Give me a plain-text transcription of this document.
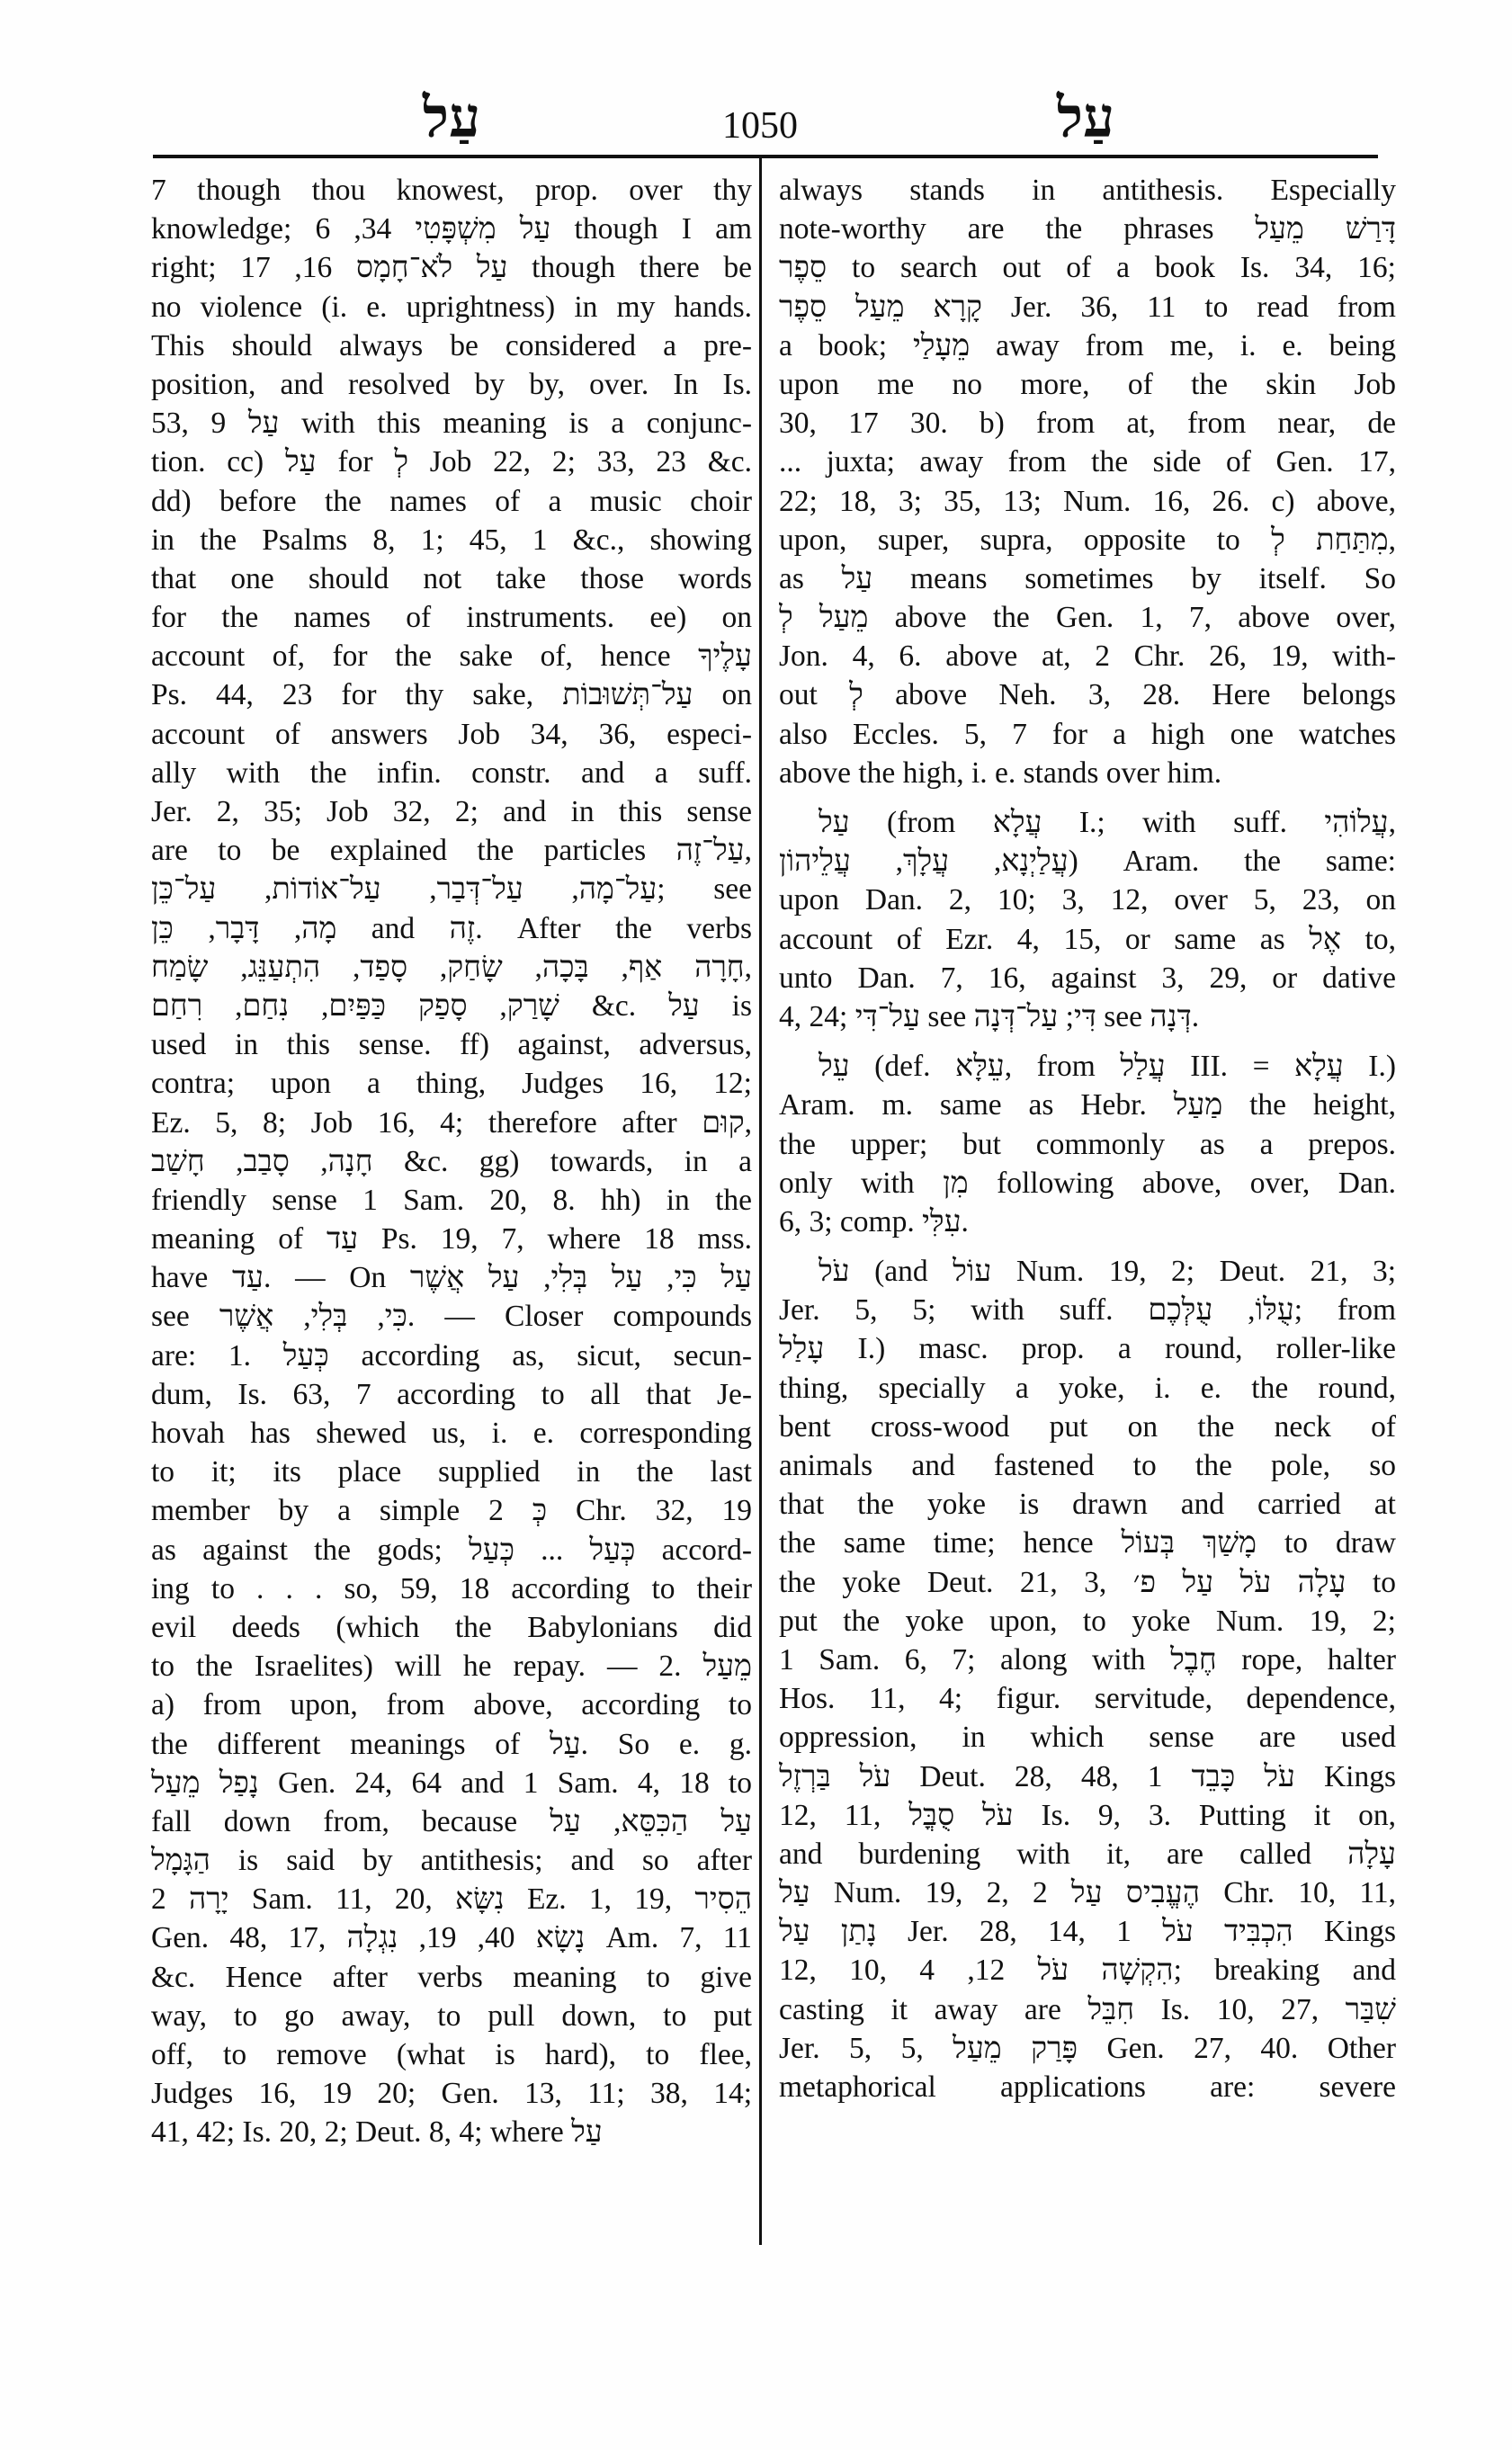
עַל	1050	עַל
7 though thou knowest, prop. over thy
knowledge; עַל מִשְׁפָּטִי 34, 6 though I am
right; עַל לֹא־חָמָס 16, 17 though there be
no violence (i. e. uprightness) in my hands.
This should always be considered a pre-
position, and resolved by by, over. In Is.
53, 9 עַל with this meaning is a conjunc-
tion. cc) עַל for לְ Job 22, 2; 33, 23 &c.
dd) before the names of a music choir
in the Psalms 8, 1; 45, 1 &c., showing
that one should not take those words
for the names of instruments. ee) on
account of, for the sake of, hence עָלֶיךָ
Ps. 44, 23 for thy sake, עַל־תְּשׁוּבוֹת on
account of answers Job 34, 36, especi-
ally with the infin. constr. and a suff.
Jer. 2, 35; Job 32, 2; and in this sense
are to be explained the particles עַל־זֶה,
עַל־מָה, עַל־דְּבַר, עַל־אוֹדוֹת, עַל־כֵּן; see
מָה, דָּבָר, כֵּן and זֶה. After the verbs
חָרָה אַף, בָּכָה, שָׂחַק, סָפַד, הִתְעַנֵּג, שָׂמַח,
שָׁרַק, סָפַק כַּפַּיִם, נִחַם, רִחַם &c. עַל is
used in this sense. ff) against, adversus,
contra; upon a thing, Judges 16, 12;
Ez. 5, 8; Job 16, 4; therefore after קוּם,
חָנָה, סָבַב, חָשַׁב &c. gg) towards, in a
friendly sense 1 Sam. 20, 8. hh) in the
meaning of עַד Ps. 19, 7, where 18 mss.
have עַד. — On עַל כִּי, עַל בְּלִי, עַל אֲשֶׁר
see כִּי, בְּלִי, אֲשֶׁר. — Closer compounds
are: 1. כְּעַל according as, sicut, secun-
dum, Is. 63, 7 according to all that Je-
hovah has shewed us, i. e. corresponding
to it; its place supplied in the last
member by a simple כְּ 2 Chr. 32, 19
as against the gods; כְּעַל ... כְּעַל accord-
ing to . . . so, 59, 18 according to their
evil deeds (which the Babylonians did
to the Israelites) will he repay. — 2. מֵעַל
a) from upon, from above, according to
the different meanings of עַל. So e. g.
נָפַל מֵעַל Gen. 24, 64 and 1 Sam. 4, 18 to
fall down from, because עַל הַכִּסֵּא, עַל
הַגָּמָל is said by antithesis; and so after
יָרָה 2 Sam. 11, 20, נִשָּׂא Ez. 1, 19, הֵסִיר
Gen. 48, 17, נָשָׂא 40, 19, נִגְלָה Am. 7, 11
&c. Hence after verbs meaning to give
way, to go away, to pull down, to put
off, to remove (what is hard), to flee,
Judges 16, 19 20; Gen. 13, 11; 38, 14;
41, 42; Is. 20, 2; Deut. 8, 4; where עַל
always stands in antithesis. Especially
note-worthy are the phrases דָּרַשׁ מֵעַל
סֵפֶר to search out of a book Is. 34, 16;
קָרָא מֵעַל סֵפֶר Jer. 36, 11 to read from
a book; מֵעָלַי away from me, i. e. being
upon me no more, of the skin Job
30, 17 30. b) from at, from near, de
... juxta; away from the side of Gen. 17,
22; 18, 3; 35, 13; Num. 16, 26. c) above,
upon, super, supra, opposite to מִתַּחַת לְ,
as עַל means sometimes by itself. So
מֵעַל לְ above the Gen. 1, 7, above over,
Jon. 4, 6. above at, 2 Chr. 26, 19, with-
out לְ above Neh. 3, 28. Here belongs
also Eccles. 5, 7 for a high one watches
above the high, i. e. stands over him.
עַל (from עֲלָא I.; with suff. עֲלוֹהִי,
עֲלַיְנָא, עֲלָךְ, עֲלֵיהוֹן) Aram. the same:
upon Dan. 2, 10; 3, 12, over 5, 23, on
account of Ezr. 4, 15, or same as אֶל to,
unto Dan. 7, 16, against 3, 29, or dative
4, 24; עַל־דִּי see דִּי; עַל־דְּנָה see דְּנָה.
עֵל (def. עֵלָּא, from עֲלַל III. = עֲלָא I.)
Aram. m. same as Hebr. מַעַל the height,
the upper; but commonly as a prepos.
only with מִן following above, over, Dan.
6, 3; comp. עִלִּי.
עֹל (and עוֹל Num. 19, 2; Deut. 21, 3;
Jer. 5, 5; with suff. עֻלּוֹ, עֻלְּכֶם; from
עָלַל I.) masc. prop. a round, roller-like
thing, specially a yoke, i. e. the round,
bent cross-wood put on the neck of
animals and fastened to the pole, so
that the yoke is drawn and carried at
the same time; hence מָשַׁךְ בְּעוֹל to draw
the yoke Deut. 21, 3, עָלָה עֹל עַל פ׳ to
put the yoke upon, to yoke Num. 19, 2;
1 Sam. 6, 7; along with חֶבֶל rope, halter
Hos. 11, 4; figur. servitude, dependence,
oppression, in which sense are used
עֹל בַּרְזֶל Deut. 28, 48, עֹל כָּבֵד 1 Kings
12, 11, עֹל סֻבֳּל Is. 9, 3. Putting it on,
and burdening with it, are called עָלָה
עַל Num. 19, 2, הֶעֱבִיס עַל 2 Chr. 10, 11,
נָתַן עַל Jer. 28, 14, הִכְבִּיד עֹל 1 Kings
12, 10, הִקְשָׁה עֹל 12, 4; breaking and
casting it away are חִבֵּל Is. 10, 27, שִׁבַּר
Jer. 5, 5, פָּרַק מֵעַל Gen. 27, 40. Other
metaphorical applications are: severe
